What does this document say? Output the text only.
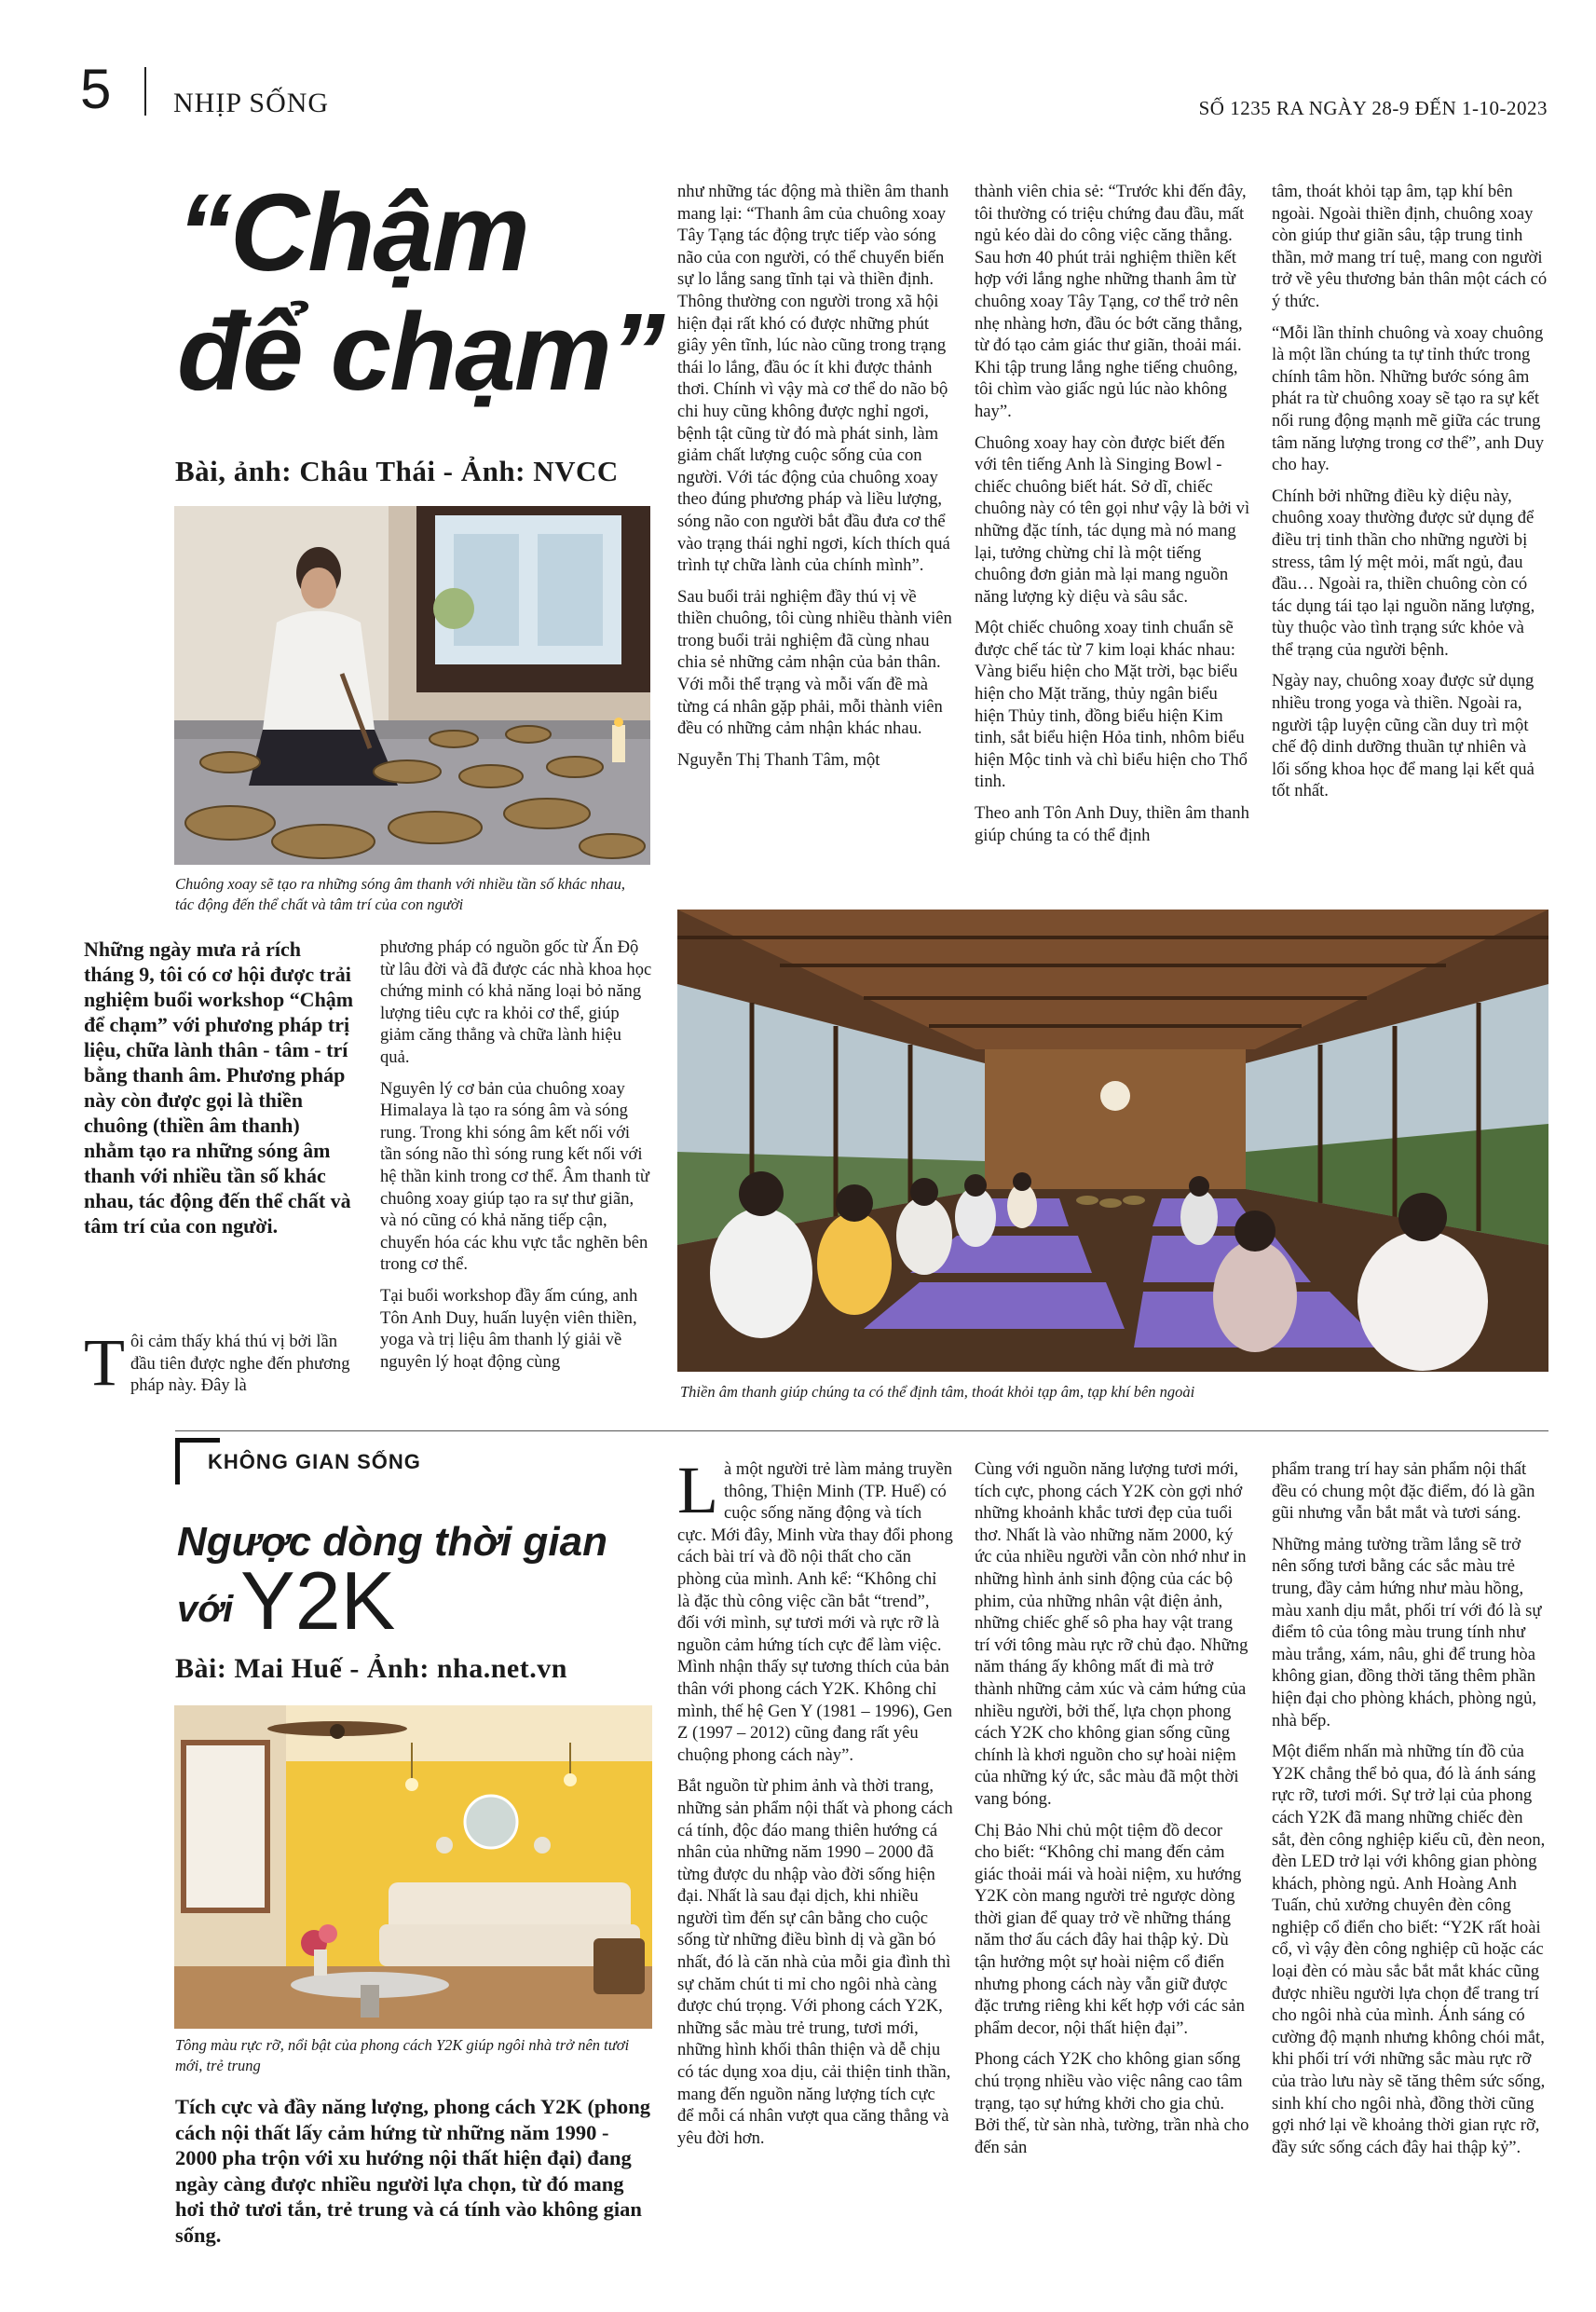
5 NHỊP SỐNG	SỐ 1235 RA NGÀY 28-9 ĐẾN 1-10-2023
“Chậm
để chạm”
Bài, ảnh: Châu Thái - Ảnh: NVCC
Chuông xoay sẽ tạo ra những sóng âm thanh với nhiều tần số khác nhau, tác động đến thể chất và tâm trí của con người
Những ngày mưa rả rích tháng 9, tôi có cơ hội được trải nghiệm buổi workshop “Chậm để chạm” với phương pháp trị liệu, chữa lành thân - tâm - trí bằng thanh âm. Phương pháp này còn được gọi là thiền chuông (thiền âm thanh) nhằm tạo ra những sóng âm thanh với nhiều tần số khác nhau, tác động đến thể chất và tâm trí của con người.
T ôi cảm thấy khá thú vị bởi lần đầu tiên được nghe đến phương pháp này. Đây là

phương pháp có nguồn gốc từ Ấn Độ từ lâu đời và đã được các nhà khoa học chứng minh có khả năng loại bỏ năng lượng tiêu cực ra khỏi cơ thể, giúp giảm căng thẳng và chữa lành hiệu quả.

Nguyên lý cơ bản của chuông xoay Himalaya là tạo ra sóng âm và sóng rung. Trong khi sóng âm kết nối với tần sóng não thì sóng rung kết nối với hệ thần kinh trong cơ thể. Âm thanh từ chuông xoay giúp tạo ra sự thư giãn, và nó cũng có khả năng tiếp cận, chuyển hóa các khu vực tắc nghẽn bên trong cơ thể.

Tại buổi workshop đầy ấm cúng, anh Tôn Anh Duy, huấn luyện viên thiền, yoga và trị liệu âm thanh lý giải về nguyên lý hoạt động cùng

như những tác động mà thiền âm thanh mang lại: “Thanh âm của chuông xoay Tây Tạng tác động trực tiếp vào sóng não của con người, có thể chuyển biến sự lo lắng sang tĩnh tại và thiền định. Thông thường con người trong xã hội hiện đại rất khó có được những phút giây yên tĩnh, lúc nào cũng trong trạng thái lo lắng, đầu óc ít khi được thảnh thơi. Chính vì vậy mà cơ thể do não bộ chi huy cũng không được nghỉ ngơi, bệnh tật cũng từ đó mà phát sinh, làm giảm chất lượng cuộc sống của con người. Với tác động của chuông xoay theo đúng phương pháp và liều lượng, sóng não con người bắt đầu đưa cơ thể vào trạng thái nghỉ ngơi, kích thích quá trình tự chữa lành của chính mình”.

Sau buổi trải nghiệm đầy thú vị về thiền chuông, tôi cùng nhiều thành viên trong buổi trải nghiệm đã cùng nhau chia sẻ những cảm nhận của bản thân. Với mỗi thể trạng và mỗi vấn đề mà từng cá nhân gặp phải, mỗi thành viên đều có những cảm nhận khác nhau.

Nguyễn Thị Thanh Tâm, một

thành viên chia sẻ: “Trước khi đến đây, tôi thường có triệu chứng đau đầu, mất ngủ kéo dài do công việc căng thẳng. Sau hơn 40 phút trải nghiệm thiền kết hợp với lắng nghe những thanh âm từ chuông xoay Tây Tạng, cơ thể trở nên nhẹ nhàng hơn, đầu óc bớt căng thẳng, từ đó tạo cảm giác thư giãn, thoải mái. Khi tập trung lắng nghe tiếng chuông, tôi chìm vào giấc ngủ lúc nào không hay”.

Chuông xoay hay còn được biết đến với tên tiếng Anh là Singing Bowl - chiếc chuông biết hát. Sở dĩ, chiếc chuông này có tên gọi như vậy là bởi vì những đặc tính, tác dụng mà nó mang lại, tưởng chừng chỉ là một tiếng chuông đơn giản mà lại mang nguồn năng lượng kỳ diệu và sâu sắc.

Một chiếc chuông xoay tinh chuẩn sẽ được chế tác từ 7 kim loại khác nhau: Vàng biểu hiện cho Mặt trời, bạc biểu hiện cho Mặt trăng, thủy ngân biểu hiện Thủy tinh, đồng biểu hiện Kim tinh, sắt biểu hiện Hỏa tinh, nhôm biểu hiện Mộc tinh và chì biểu hiện cho Thổ tinh.

Theo anh Tôn Anh Duy, thiền âm thanh giúp chúng ta có thể định

tâm, thoát khỏi tạp âm, tạp khí bên ngoài. Ngoài thiền định, chuông xoay còn giúp thư giãn sâu, tập trung tinh thần, mở mang trí tuệ, mang con người trở về yêu thương bản thân một cách có ý thức.

“Mỗi lần thỉnh chuông và xoay chuông là một lần chúng ta tự tỉnh thức trong chính tâm hồn. Những bước sóng âm phát ra từ chuông xoay sẽ tạo ra sự kết nối rung động mạnh mẽ giữa các trung tâm năng lượng trong cơ thể”, anh Duy cho hay.

Chính bởi những điều kỳ diệu này, chuông xoay thường được sử dụng để điều trị tinh thần cho những người bị stress, tâm lý mệt mỏi, mất ngủ, đau đầu… Ngoài ra, thiền chuông còn có tác dụng tái tạo lại nguồn năng lượng, tùy thuộc vào tình trạng sức khỏe và thể trạng của người bệnh.

Ngày nay, chuông xoay được sử dụng nhiều trong yoga và thiền. Ngoài ra, người tập luyện cũng cần duy trì một chế độ dinh dưỡng thuần tự nhiên và lối sống khoa học để mang lại kết quả tốt nhất.

Thiền âm thanh giúp chúng ta có thể định tâm, thoát khỏi tạp âm, tạp khí bên ngoài
KHÔNG GIAN SỐNG
Ngược dòng thời gian
với Y2K
Bài: Mai Huế - Ảnh: nha.net.vn
Tông màu rực rỡ, nổi bật của phong cách Y2K giúp ngôi nhà trở nên tươi mới, trẻ trung
Tích cực và đầy năng lượng, phong cách Y2K (phong cách nội thất lấy cảm hứng từ những năm 1990 - 2000 pha trộn với xu hướng nội thất hiện đại) đang ngày càng được nhiều người lựa chọn, từ đó mang hơi thở tươi tắn, trẻ trung và cá tính vào không gian sống.

L à một người trẻ làm mảng truyền thông, Thiện Minh (TP. Huế) có cuộc sống năng động và tích cực. Mới đây, Minh vừa thay đổi phong cách bài trí và đồ nội thất cho căn phòng của mình. Anh kể: “Không chỉ là đặc thù công việc cần bắt “trend”, đối với mình, sự tươi mới và rực rỡ là nguồn cảm hứng tích cực để làm việc. Mình nhận thấy sự tương thích của bản thân với phong cách Y2K. Không chỉ mình, thế hệ Gen Y (1981 – 1996), Gen Z (1997 – 2012) cũng đang rất yêu chuộng phong cách này”.

Bắt nguồn từ phim ảnh và thời trang, những sản phẩm nội thất và phong cách cá tính, độc đáo mang thiên hướng cá nhân của những năm 1990 – 2000 đã từng được du nhập vào đời sống hiện đại. Nhất là sau đại dịch, khi nhiều người tìm đến sự cân bằng cho cuộc sống từ những điều bình dị và gần bó nhất, đó là căn nhà của mỗi gia đình thì sự chăm chút ti mỉ cho ngôi nhà càng được chú trọng. Với phong cách Y2K, những sắc màu trẻ trung, tươi mới, những hình khối thân thiện và dễ chịu có tác dụng xoa dịu, cải thiện tinh thần, mang đến nguồn năng lượng tích cực để mỗi cá nhân vượt qua căng thẳng và yêu đời hơn.

Cùng với nguồn năng lượng tươi mới, tích cực, phong cách Y2K còn gợi nhớ những khoảnh khắc tươi đẹp của tuổi thơ. Nhất là vào những năm 2000, ký ức của nhiều người vẫn còn nhớ như in những hình ảnh sinh động của các bộ phim, của những nhân vật điện ảnh, những chiếc ghế sô pha hay vật trang trí với tông màu rực rỡ chủ đạo. Những năm tháng ấy không mất đi mà trở thành những cảm xúc và cảm hứng của nhiều người, bởi thế, lựa chọn phong cách Y2K cho không gian sống cũng chính là khơi nguồn cho sự hoài niệm của những ký ức, sắc màu đã một thời vang bóng.

Chị Bảo Nhi chủ một tiệm đồ decor cho biết: “Không chỉ mang đến cảm giác thoải mái và hoài niệm, xu hướng Y2K còn mang người trẻ ngược dòng thời gian để quay trở về những tháng năm thơ ấu cách đây hai thập kỷ. Dù tận hưởng một sự hoài niệm cổ điển nhưng phong cách này vẫn giữ được đặc trưng riêng khi kết hợp với các sản phẩm decor, nội thất hiện đại”.

Phong cách Y2K cho không gian sống chú trọng nhiều vào việc nâng cao tâm trạng, tạo sự hứng khởi cho gia chủ. Bởi thế, từ sàn nhà, tường, trần nhà cho đến sản

phẩm trang trí hay sản phẩm nội thất đều có chung một đặc điểm, đó là gần gũi nhưng vẫn bắt mắt và tươi sáng.

Những mảng tường trầm lắng sẽ trở nên sống tươi bằng các sắc màu trẻ trung, đầy cảm hứng như màu hồng, màu xanh dịu mắt, phối trí với đó là sự điểm tô của tông màu trung tính như màu trắng, xám, nâu, ghi để trung hòa không gian, đồng thời tăng thêm phần hiện đại cho phòng khách, phòng ngủ, nhà bếp.

Một điểm nhấn mà những tín đồ của Y2K chẳng thể bỏ qua, đó là ánh sáng rực rỡ, tươi mới. Sự trở lại của phong cách Y2K đã mang những chiếc đèn sắt, đèn công nghiệp kiểu cũ, đèn neon, đèn LED trở lại với không gian phòng khách, phòng ngủ. Anh Hoàng Anh Tuấn, chủ xưởng chuyên đèn công nghiệp cổ điển cho biết: “Y2K rất hoài cổ, vì vậy đèn công nghiệp cũ hoặc các loại đèn có màu sắc bắt mắt khác cũng được nhiều người lựa chọn để trang trí cho ngôi nhà của mình. Ánh sáng có cường độ mạnh nhưng không chói mắt, khi phối trí với những sắc màu rực rỡ của trào lưu này sẽ tăng thêm sức sống, sinh khí cho ngôi nhà, đồng thời cũng gợi nhớ lại về khoảng thời gian rực rỡ, đầy sức sống cách đây hai thập kỷ”.
